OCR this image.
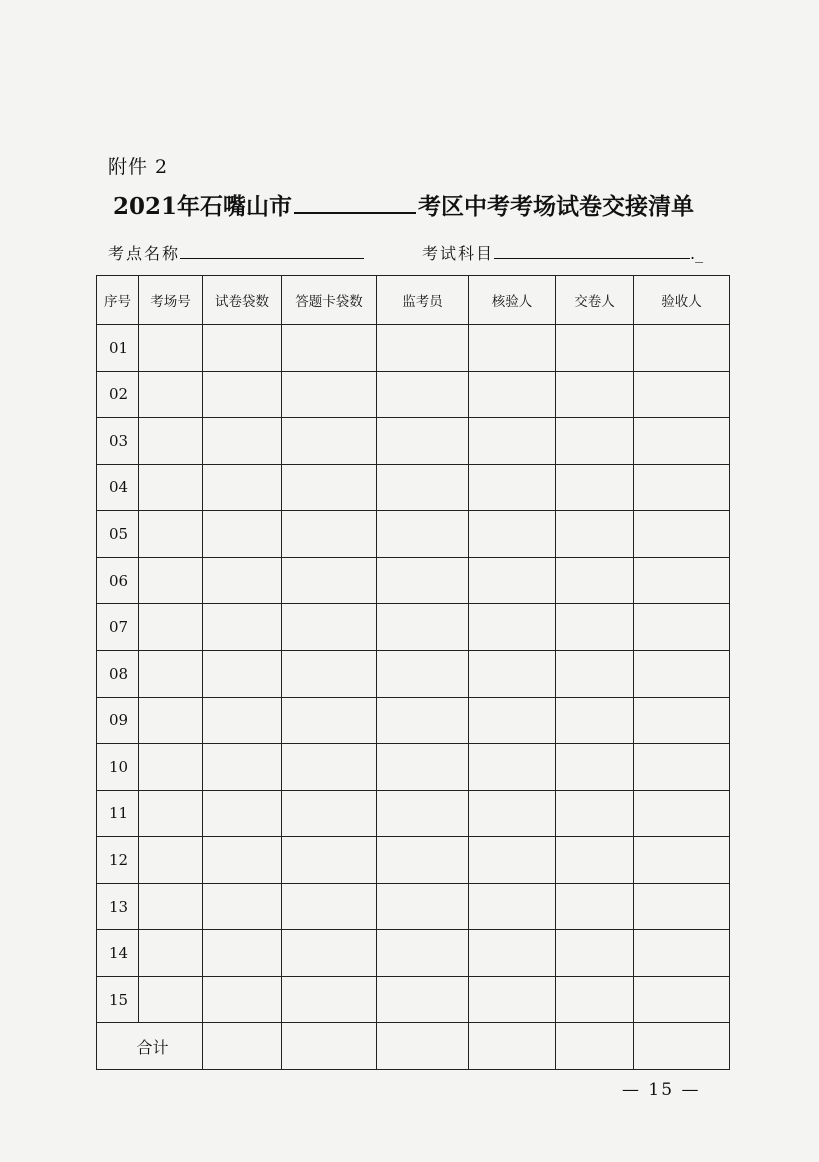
附件 2
2021年石嘴山市	考区中考考场试卷交接清单
考点名称	考试科目	._
序号	考场号	试卷袋数	答题卡袋数	监考员	核验人	交卷人	验收人
01							
02							
03							
04							
05							
06							
07							
08							
09							
10							
11							
12							
13							
14							
15							
合计							
— 15 —
